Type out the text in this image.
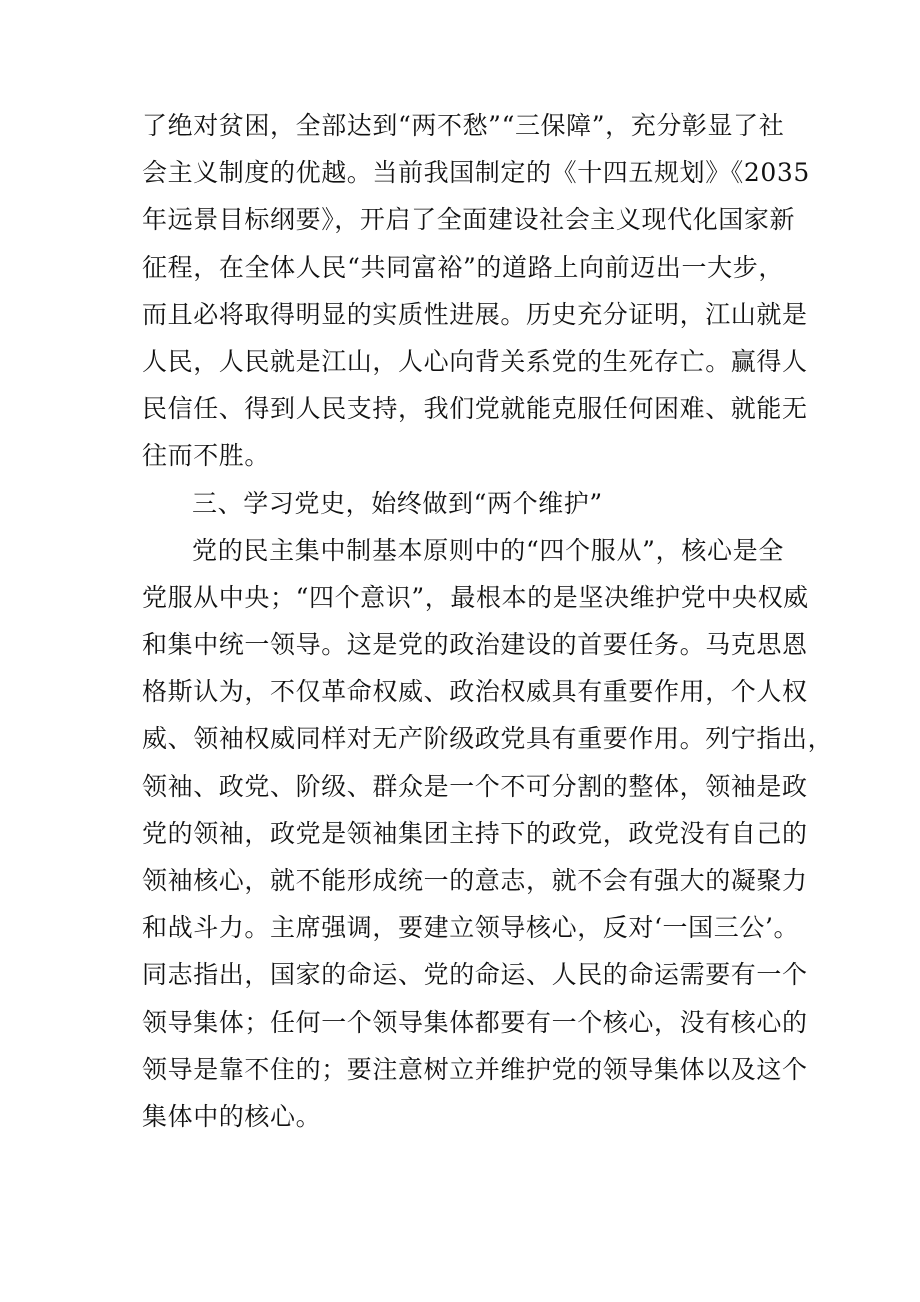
了绝对贫困，全部达到“两不愁”“三保障”，充分彰显了社
会主义制度的优越。当前我国制定的《十四五规划》《2035
年远景目标纲要》，开启了全面建设社会主义现代化国家新
征程，在全体人民“共同富裕”的道路上向前迈出一大步，
而且必将取得明显的实质性进展。历史充分证明，江山就是
人民，人民就是江山，人心向背关系党的生死存亡。赢得人
民信任、得到人民支持，我们党就能克服任何困难、就能无
往而不胜。
三、学习党史，始终做到“两个维护”
党的民主集中制基本原则中的“四个服从”，核心是全
党服从中央；“四个意识”，最根本的是坚决维护党中央权威
和集中统一领导。这是党的政治建设的首要任务。马克思恩
格斯认为，不仅革命权威、政治权威具有重要作用，个人权
威、领袖权威同样对无产阶级政党具有重要作用。列宁指出，
领袖、政党、阶级、群众是一个不可分割的整体，领袖是政
党的领袖，政党是领袖集团主持下的政党，政党没有自己的
领袖核心，就不能形成统一的意志，就不会有强大的凝聚力
和战斗力。主席强调，要建立领导核心，反对‘一国三公’。
同志指出，国家的命运、党的命运、人民的命运需要有一个
领导集体；任何一个领导集体都要有一个核心，没有核心的
领导是靠不住的；要注意树立并维护党的领导集体以及这个
集体中的核心。
